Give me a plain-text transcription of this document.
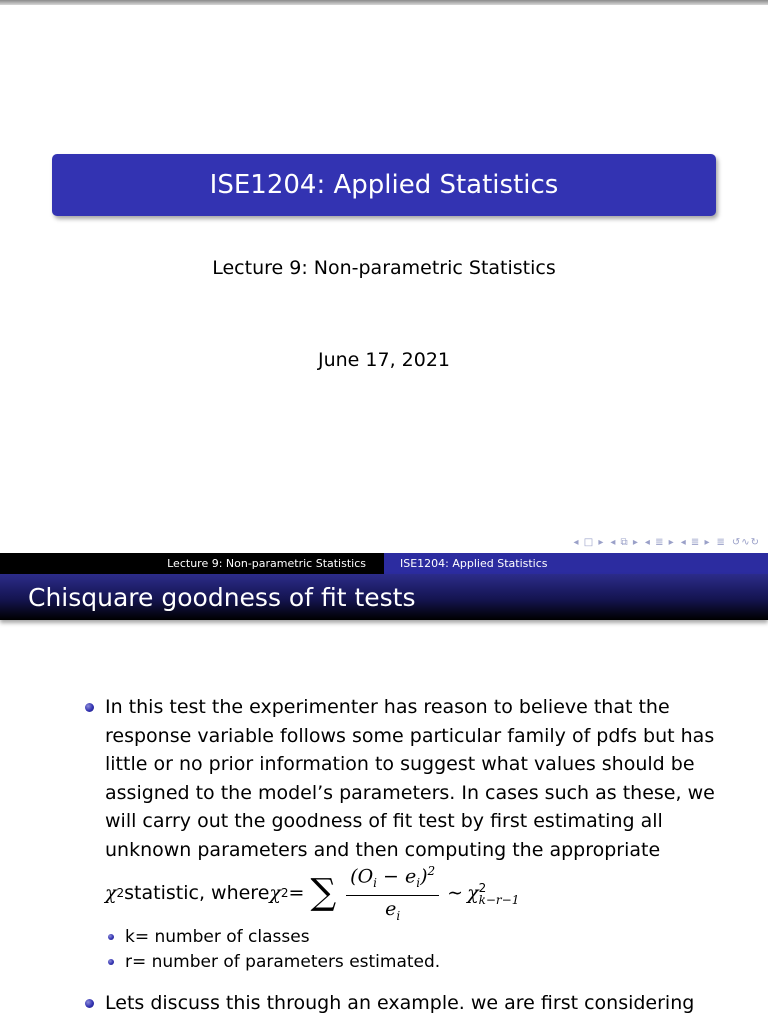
ISE1204: Applied Statistics
Lecture 9: Non-parametric Statistics
June 17, 2021
◂ □ ▸ ◂ ⧉ ▸ ◂ ≣ ▸ ◂ ≣ ▸ ≣ ↺∿↻
Lecture 9: Non-parametric Statistics	ISE1204: Applied Statistics
Chisquare goodness of fit tests
In this test the experimenter has reason to believe that the
response variable follows some particular family of pdfs but has
little or no prior information to suggest what values should be
assigned to the model’s parameters. In cases such as these, we
will carry out the goodness of fit test by first estimating all
unknown parameters and then computing the appropriate
χ 2 statistic, where χ 2 = ∑ $\frac{(O_i - e_i)^2}{e_i}$ ∼ χ 2
k−r−1
k= number of classes
r= number of parameters estimated.
Lets discuss this through an example. we are first considering
